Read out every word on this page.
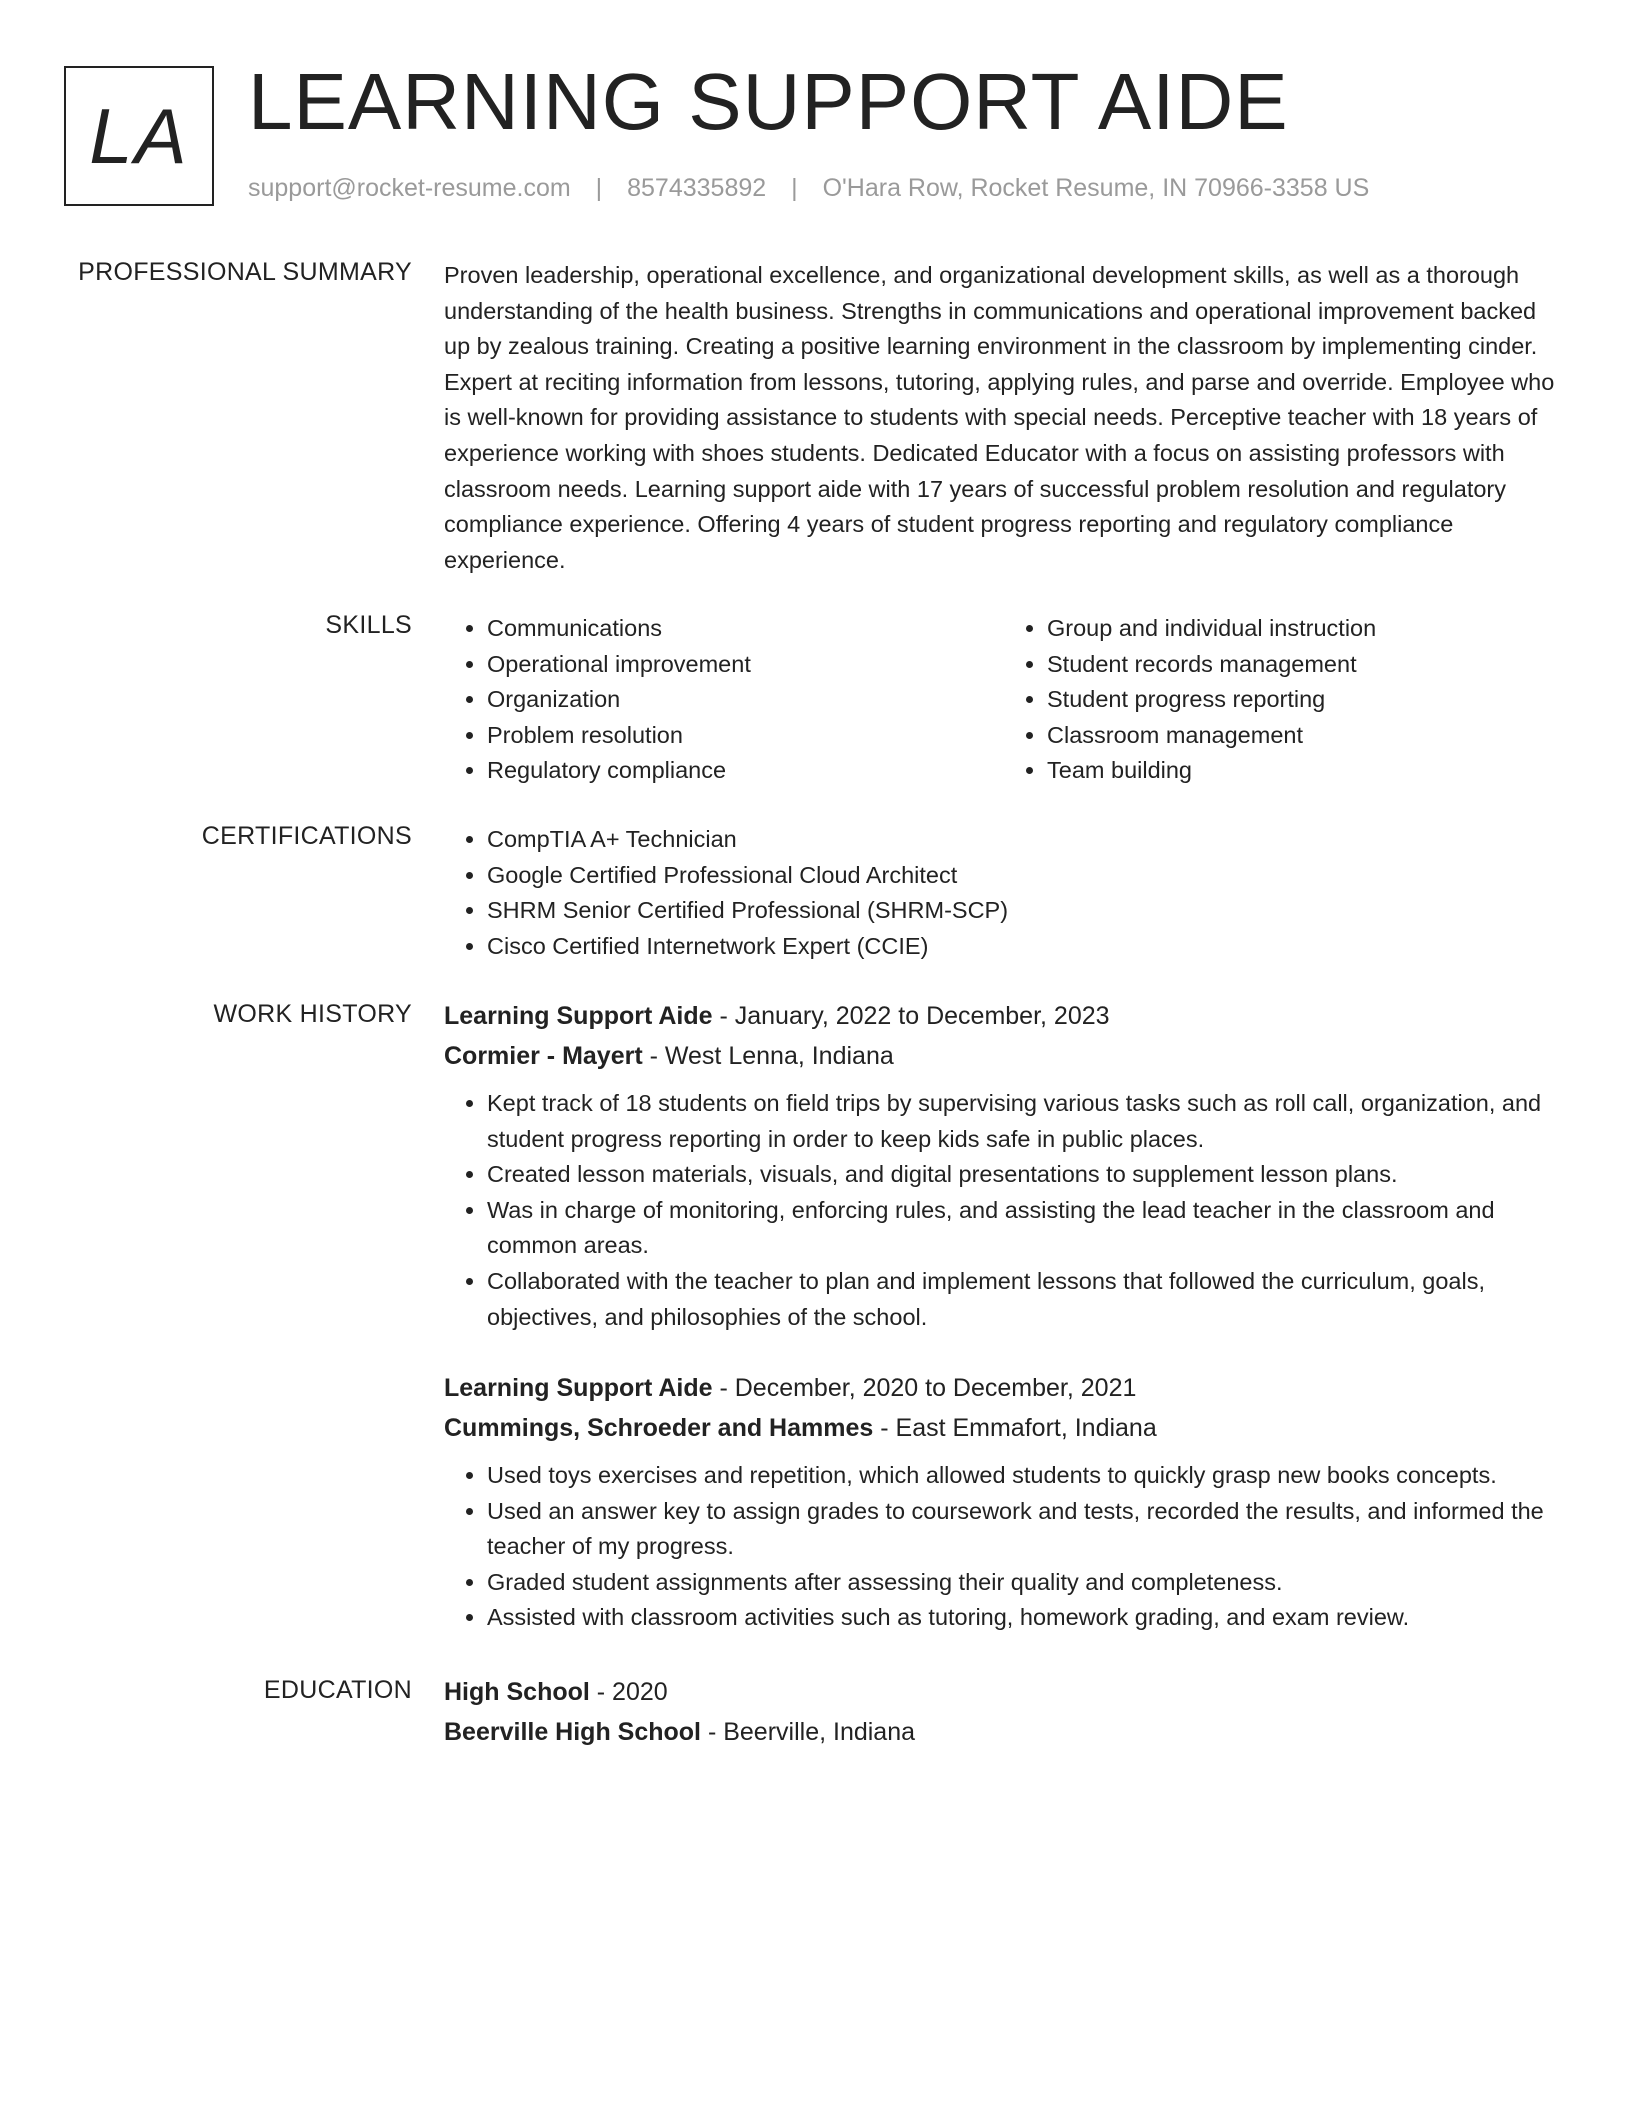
LA LEARNING SUPPORT AIDE
support@rocket-resume.com | 8574335892 | O'Hara Row, Rocket Resume, IN 70966-3358 US
PROFESSIONAL SUMMARY Proven leadership, operational excellence, and organizational development skills, as well as a thorough understanding of the health business. Strengths in communications and operational improvement backed up by zealous training. Creating a positive learning environment in the classroom by implementing cinder. Expert at reciting information from lessons, tutoring, applying rules, and parse and override. Employee who is well-known for providing assistance to students with special needs. Perceptive teacher with 18 years of experience working with shoes students. Dedicated Educator with a focus on assisting professors with classroom needs. Learning support aide with 17 years of successful problem resolution and regulatory compliance experience. Offering 4 years of student progress reporting and regulatory compliance experience.

SKILLS	• Communications
• Operational improvement
• Organization
• Problem resolution
• Regulatory compliance
• Group and individual instruction
• Student records management
• Student progress reporting
• Classroom management
• Team building
CERTIFICATIONS	• CompTIA A+ Technician
• Google Certified Professional Cloud Architect
• SHRM Senior Certified Professional (SHRM-SCP)
• Cisco Certified Internetwork Expert (CCIE)
WORK HISTORY Learning Support Aide - January, 2022 to December, 2023
Cormier - Mayert - West Lenna, Indiana
• Kept track of 18 students on field trips by supervising various tasks such as roll call, organization, and student progress reporting in order to keep kids safe in public places.
• Created lesson materials, visuals, and digital presentations to supplement lesson plans.
• Was in charge of monitoring, enforcing rules, and assisting the lead teacher in the classroom and common areas.
• Collaborated with the teacher to plan and implement lessons that followed the curriculum, goals, objectives, and philosophies of the school.
Learning Support Aide - December, 2020 to December, 2021
Cummings, Schroeder and Hammes - East Emmafort, Indiana
• Used toys exercises and repetition, which allowed students to quickly grasp new books concepts.
• Used an answer key to assign grades to coursework and tests, recorded the results, and informed the teacher of my progress.
• Graded student assignments after assessing their quality and completeness.
• Assisted with classroom activities such as tutoring, homework grading, and exam review.
EDUCATION High School - 2020
Beerville High School - Beerville, Indiana
